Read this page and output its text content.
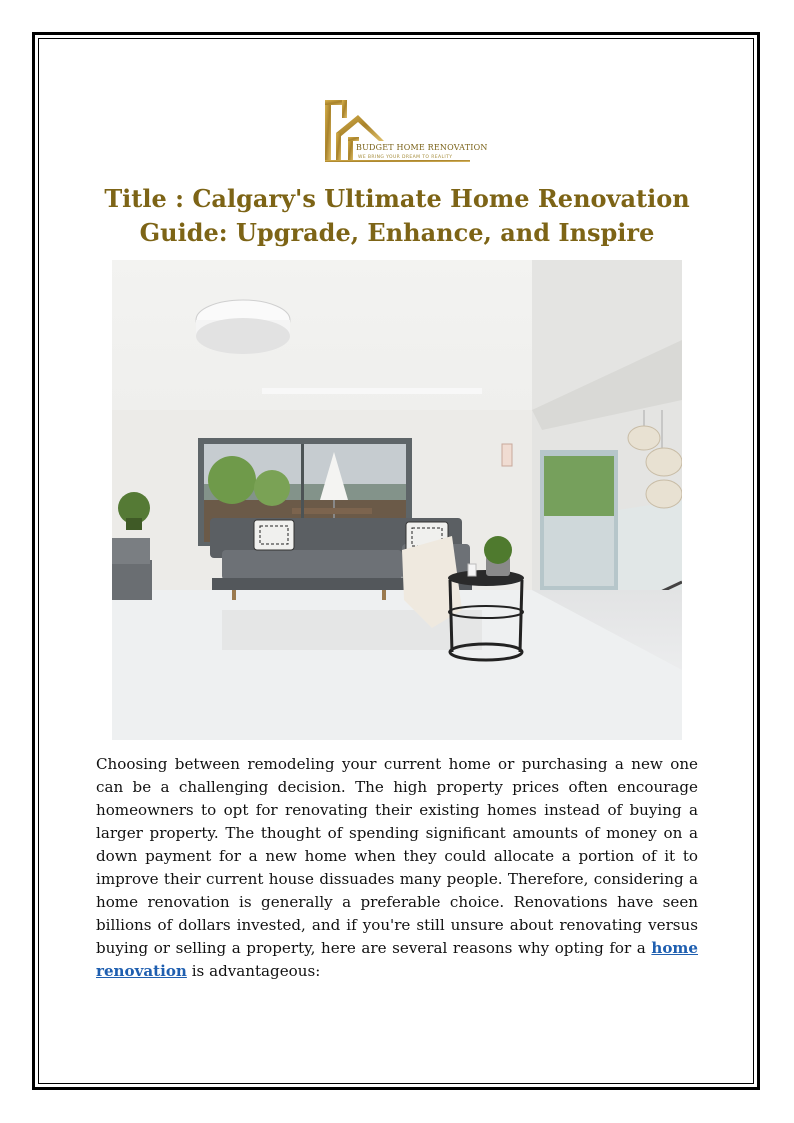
BUDGET HOME RENOVATION
WE BRING YOUR DREAM TO REALITY
Title : Calgary's Ultimate Home Renovation Guide: Upgrade, Enhance, and Inspire

Choosing between remodeling your current home or purchasing a new one can be a challenging decision. The high property prices often encourage homeowners to opt for renovating their existing homes instead of buying a larger property. The thought of spending significant amounts of money on a down payment for a new home when they could allocate a portion of it to improve their current house dissuades many people. Therefore, considering a home renovation is generally a preferable choice. Renovations have seen billions of dollars invested, and if you're still unsure about renovating versus buying or selling a property, here are several reasons why opting for a home renovation is advantageous:
